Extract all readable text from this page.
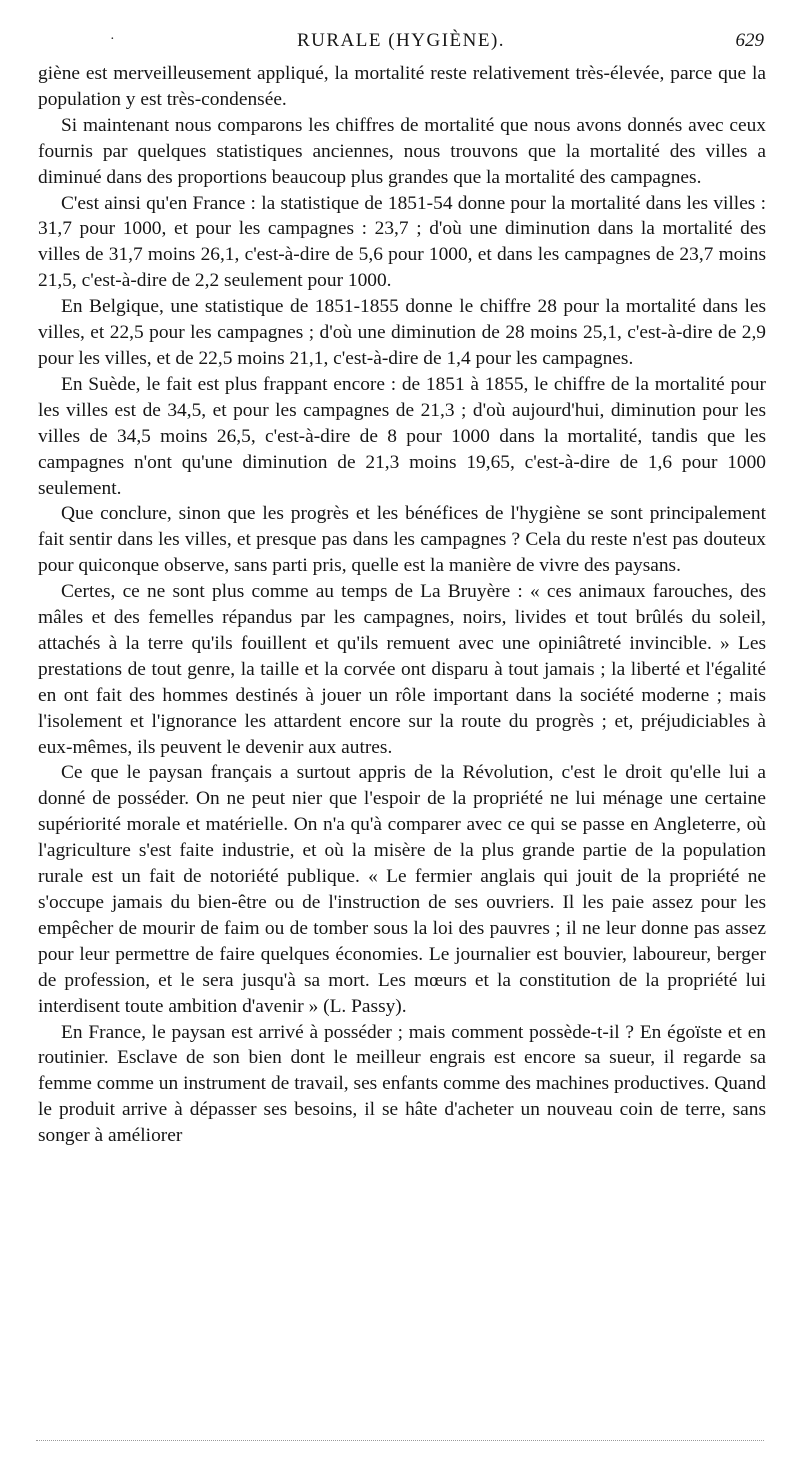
·	RURALE (HYGIÈNE).	629

giène est merveilleusement appliqué, la mortalité reste relativement très-élevée, parce que la population y est très-condensée.

Si maintenant nous comparons les chiffres de mortalité que nous avons donnés avec ceux fournis par quelques statistiques anciennes, nous trouvons que la mortalité des villes a diminué dans des proportions beaucoup plus grandes que la mortalité des campagnes.

C'est ainsi qu'en France : la statistique de 1851-54 donne pour la mortalité dans les villes : 31,7 pour 1000, et pour les campagnes : 23,7 ; d'où une diminution dans la mortalité des villes de 31,7 moins 26,1, c'est-à-dire de 5,6 pour 1000, et dans les campagnes de 23,7 moins 21,5, c'est-à-dire de 2,2 seulement pour 1000.

En Belgique, une statistique de 1851-1855 donne le chiffre 28 pour la mortalité dans les villes, et 22,5 pour les campagnes ; d'où une diminution de 28 moins 25,1, c'est-à-dire de 2,9 pour les villes, et de 22,5 moins 21,1, c'est-à-dire de 1,4 pour les campagnes.

En Suède, le fait est plus frappant encore : de 1851 à 1855, le chiffre de la mortalité pour les villes est de 34,5, et pour les campagnes de 21,3 ; d'où aujourd'hui, diminution pour les villes de 34,5 moins 26,5, c'est-à-dire de 8 pour 1000 dans la mortalité, tandis que les campagnes n'ont qu'une diminution de 21,3 moins 19,65, c'est-à-dire de 1,6 pour 1000 seulement.

Que conclure, sinon que les progrès et les bénéfices de l'hygiène se sont principalement fait sentir dans les villes, et presque pas dans les campagnes ? Cela du reste n'est pas douteux pour quiconque observe, sans parti pris, quelle est la manière de vivre des paysans.

Certes, ce ne sont plus comme au temps de La Bruyère : « ces animaux farouches, des mâles et des femelles répandus par les campagnes, noirs, livides et tout brûlés du soleil, attachés à la terre qu'ils fouillent et qu'ils remuent avec une opiniâtreté invincible. » Les prestations de tout genre, la taille et la corvée ont disparu à tout jamais ; la liberté et l'égalité en ont fait des hommes destinés à jouer un rôle important dans la société moderne ; mais l'isolement et l'ignorance les attardent encore sur la route du progrès ; et, préjudiciables à eux-mêmes, ils peuvent le devenir aux autres.

Ce que le paysan français a surtout appris de la Révolution, c'est le droit qu'elle lui a donné de posséder. On ne peut nier que l'espoir de la propriété ne lui ménage une certaine supériorité morale et matérielle. On n'a qu'à comparer avec ce qui se passe en Angleterre, où l'agriculture s'est faite industrie, et où la misère de la plus grande partie de la population rurale est un fait de notoriété publique. « Le fermier anglais qui jouit de la propriété ne s'occupe jamais du bien-être ou de l'instruction de ses ouvriers. Il les paie assez pour les empêcher de mourir de faim ou de tomber sous la loi des pauvres ; il ne leur donne pas assez pour leur permettre de faire quelques économies. Le journalier est bouvier, laboureur, berger de profession, et le sera jusqu'à sa mort. Les mœurs et la constitution de la propriété lui interdisent toute ambition d'avenir » (L. Passy).

En France, le paysan est arrivé à posséder ; mais comment possède-t-il ? En égoïste et en routinier. Esclave de son bien dont le meilleur engrais est encore sa sueur, il regarde sa femme comme un instrument de travail, ses enfants comme des machines productives. Quand le produit arrive à dépasser ses besoins, il se hâte d'acheter un nouveau coin de terre, sans songer à améliorer
